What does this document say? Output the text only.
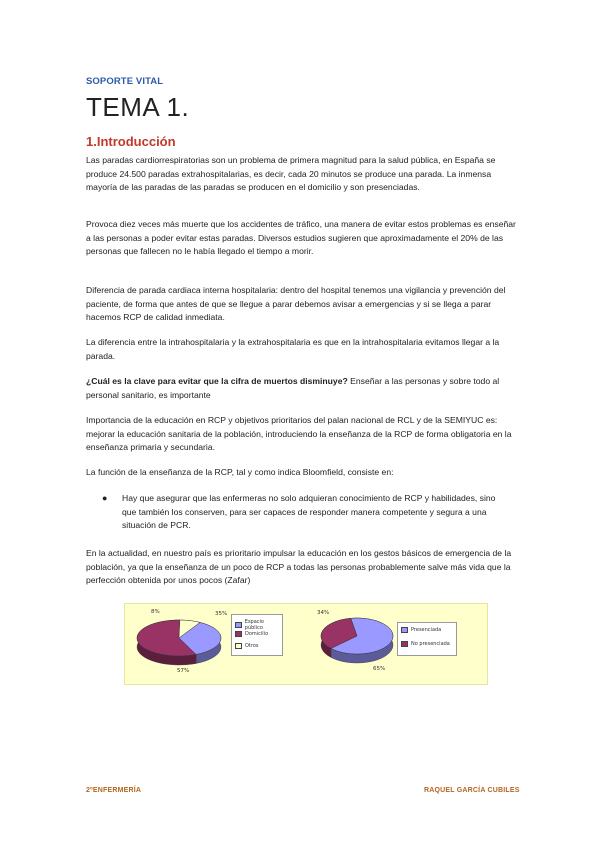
SOPORTE VITAL
TEMA 1.
1.Introducción

Las paradas cardiorrespiratorias son un problema de primera magnitud para la salud pública, en España se produce 24.500 paradas extrahospitalarias, es decir, cada 20 minutos se produce una parada. La inmensa mayoría de las paradas de las paradas se producen en el domicilio y son presenciadas.

Provoca diez veces más muerte que los accidentes de tráfico, una manera de evitar estos problemas es enseñar a las personas a poder evitar estas paradas. Diversos estudios sugieren que aproximadamente el 20% de las personas que fallecen no le había llegado el tiempo a morir.

Diferencia de parada cardiaca interna hospitalaria: dentro del hospital tenemos una vigilancia y prevención del paciente, de forma que antes de que se llegue a parar debemos avisar a emergencias y si se llega a parar hacemos RCP de calidad inmediata.

La diferencia entre la intrahospitalaria y la extrahospitalaria es que en la intrahospitalaria evitamos llegar a la parada.

¿Cuál es la clave para evitar que la cifra de muertos disminuye? Enseñar a las personas y sobre todo al personal sanitario, es importante

Importancia de la educación en RCP y objetivos prioritarios del palan nacional de RCL y de la SEMIYUC es: mejorar la educación sanitaria de la población, introduciendo la enseñanza de la RCP de forma obligatoria en la enseñanza primaria y secundaria.

La función de la enseñanza de la RCP, tal y como indica Bloomfield, consiste en:

● Hay que asegurar que las enfermeras no solo adquieran conocimiento de RCP y habilidades, sino que también los conserven, para ser capaces de responder manera competente y segura a una situación de PCR.

En la actualidad, en nuestro país es prioritario impulsar la educación en los gestos básicos de emergencia de la población, ya que la enseñanza de un poco de RCP a todas las personas probablemente salve más vida que la perfección obtenida por unos pocos (Zafar)

Espacio público
Domicilio
Otros
8%	35%
57%
Presenciada
No presenciada
34%
65%
2ºENFERMERÍA	RAQUEL GARCÍA CUBILES
